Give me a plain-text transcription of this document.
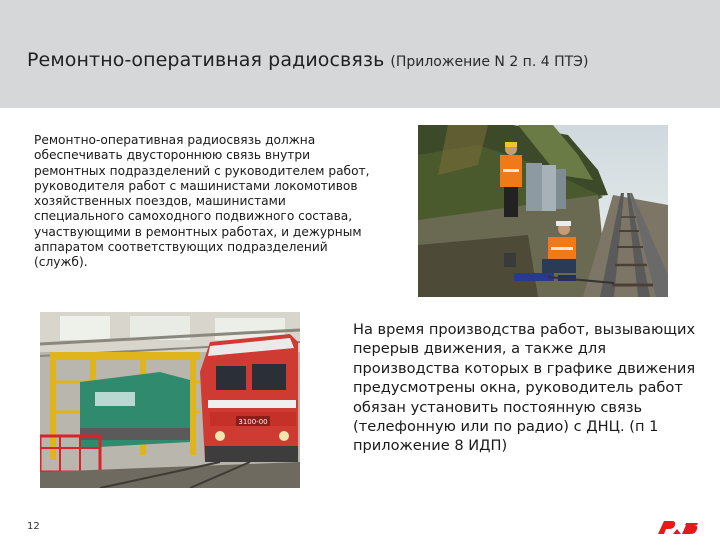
Ремонтно-оперативная радиосвязь (Приложение N 2 п. 4 ПТЭ)

Ремонтно-оперативная радиосвязь должна обеспечивать двустороннюю связь внутри ремонтных подразделений с руководителем работ, руководителя работ с машинистами локомотивов хозяйственных поездов, машинистами специального самоходного подвижного состава, участвующими в ремонтных работах, и дежурным аппаратом соответствующих подразделений (служб).

3100-00

На время производства работ, вызывающих перерыв движения, а также для производства которых в графике движения предусмотрены окна, руководитель работ обязан установить постоянную связь (телефонную или по радио) с ДНЦ. (п 1 приложение 8 ИДП)

12
